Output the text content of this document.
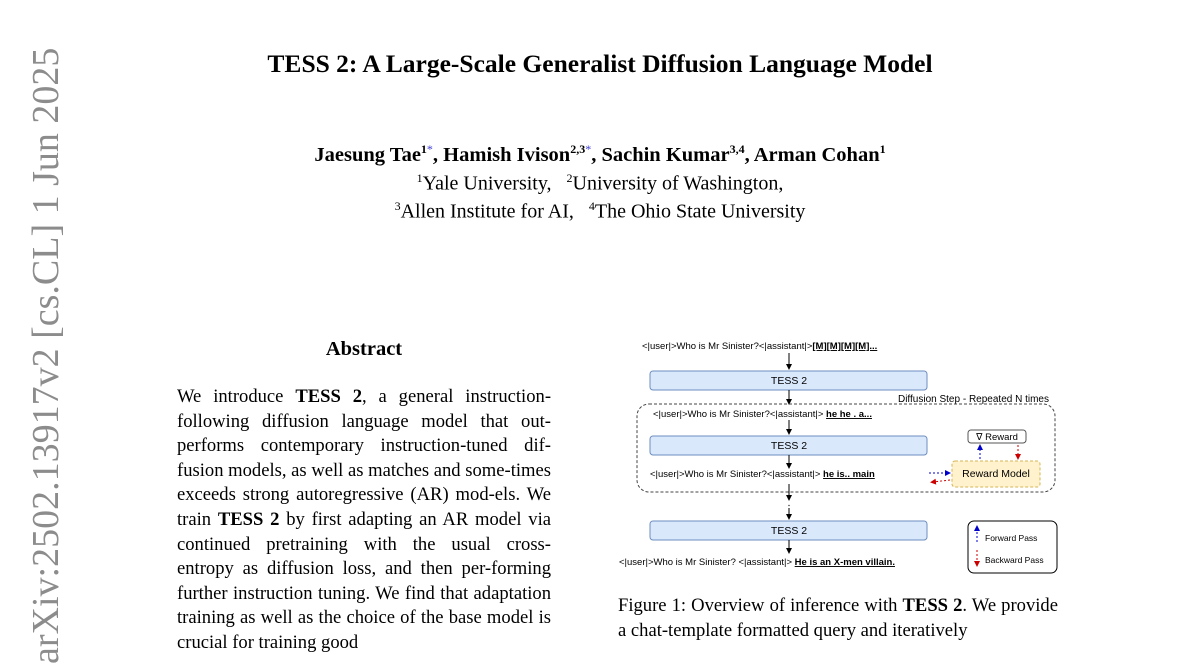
TESS 2: A Large-Scale Generalist Diffusion Language Model
Jaesung Tae$^{1*}$, Hamish Ivison$^{2,3*}$, Sachin Kumar$^{3,4}$, Arman Cohan$^1$
$^1$Yale University, $^2$University of Washington,
$^3$Allen Institute for AI, $^4$The Ohio State University
arXiv:2502.13917v2 [cs.CL] 1 Jun 2025	Abstract
We introduce TESS 2, a general instruction-following diffusion language model that out-performs contemporary instruction-tuned dif-fusion models, as well as matches and some-times exceeds strong autoregressive (AR) mod-els. We train TESS 2 by first adapting an AR model via continued pretraining with the usual cross-entropy as diffusion loss, and then per-forming further instruction tuning. We find that adaptation training as well as the choice of the base model is crucial for training good
<|user|>Who is Mr Sinister?<|assistant|>[M][M][M][M]...
TESS 2
Diffusion Step - Repeated N times
<|user|>Who is Mr Sinister?<|assistant|> he he . a...
TESS 2
<|user|>Who is Mr Sinister?<|assistant|> he is.. main
∇ Reward
Reward Model
⋮
TESS 2
<|user|>Who is Mr Sinister? <|assistant|> He is an X-men villain.
Forward Pass
Backward Pass
Figure 1: Overview of inference with TESS 2. We provide a chat-template formatted query and iteratively
